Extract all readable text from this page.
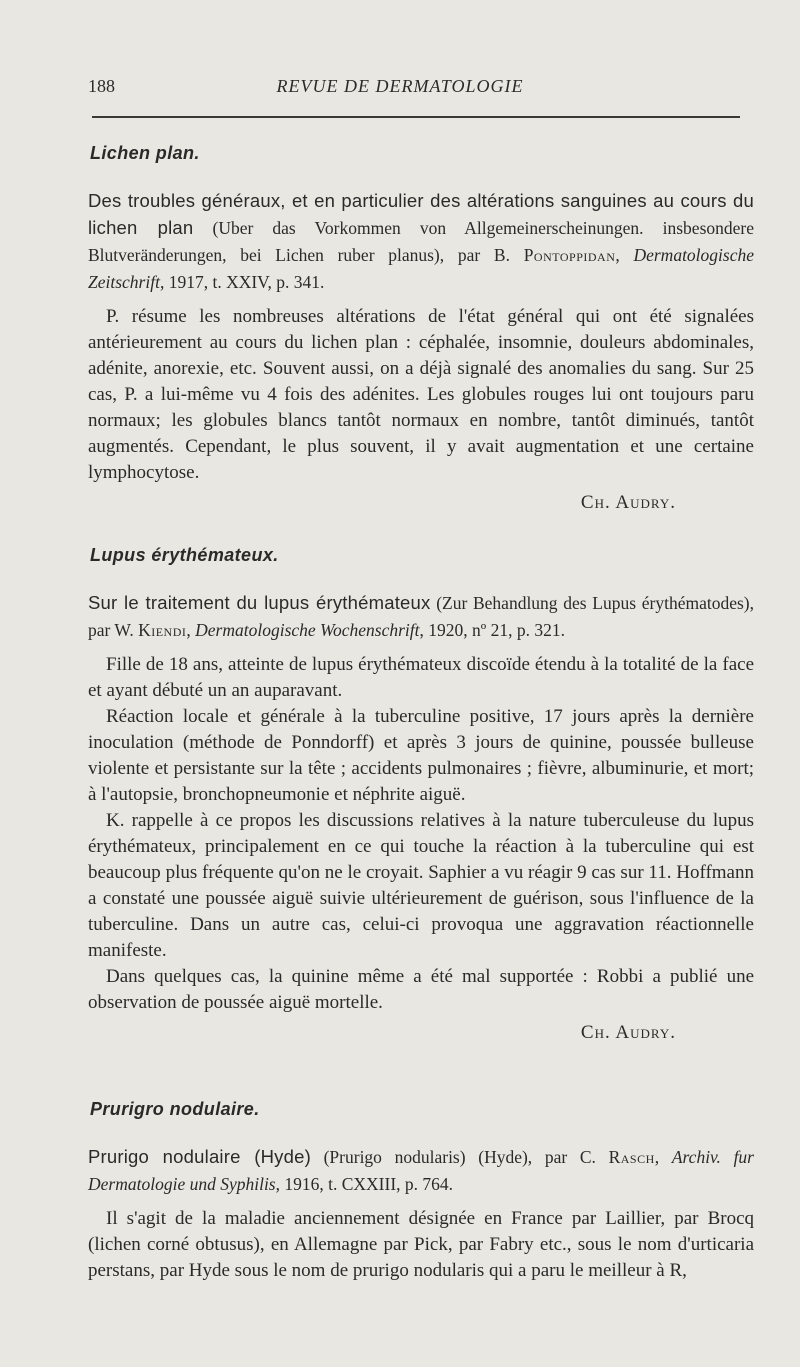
188	REVUE DE DERMATOLOGIE
Lichen plan.

Des troubles généraux, et en particulier des altérations sanguines au cours du lichen plan (Uber das Vorkommen von Allgemeinerscheinungen. insbesondere Blutveränderungen, bei Lichen ruber planus), par B. Pontoppidan, Dermatologische Zeitschrift, 1917, t. XXIV, p. 341.

P. résume les nombreuses altérations de l'état général qui ont été signalées antérieurement au cours du lichen plan : céphalée, insomnie, douleurs abdominales, adénite, anorexie, etc. Souvent aussi, on a déjà signalé des anomalies du sang. Sur 25 cas, P. a lui-même vu 4 fois des adénites. Les globules rouges lui ont toujours paru normaux; les globules blancs tantôt normaux en nombre, tantôt diminués, tantôt augmentés. Cependant, le plus souvent, il y avait augmentation et une certaine lymphocytose.

Ch. Audry.
Lupus érythémateux.

Sur le traitement du lupus érythémateux (Zur Behandlung des Lupus érythématodes), par W. Kiendi, Dermatologische Wochenschrift, 1920, nº 21, p. 321.

Fille de 18 ans, atteinte de lupus érythémateux discoïde étendu à la totalité de la face et ayant débuté un an auparavant.

Réaction locale et générale à la tuberculine positive, 17 jours après la dernière inoculation (méthode de Ponndorff) et après 3 jours de quinine, poussée bulleuse violente et persistante sur la tête ; accidents pulmonaires ; fièvre, albuminurie, et mort; à l'autopsie, bronchopneumonie et néphrite aiguë.

K. rappelle à ce propos les discussions relatives à la nature tuberculeuse du lupus érythémateux, principalement en ce qui touche la réaction à la tuberculine qui est beaucoup plus fréquente qu'on ne le croyait. Saphier a vu réagir 9 cas sur 11. Hoffmann a constaté une poussée aiguë suivie ultérieurement de guérison, sous l'influence de la tuberculine. Dans un autre cas, celui-ci provoqua une aggravation réactionnelle manifeste.

Dans quelques cas, la quinine même a été mal supportée : Robbi a publié une observation de poussée aiguë mortelle.

Ch. Audry.
Prurigro nodulaire.

Prurigo nodulaire (Hyde) (Prurigo nodularis) (Hyde), par C. Rasch, Archiv. fur Dermatologie und Syphilis, 1916, t. CXXIII, p. 764.

Il s'agit de la maladie anciennement désignée en France par Laillier, par Brocq (lichen corné obtusus), en Allemagne par Pick, par Fabry etc., sous le nom d'urticaria perstans, par Hyde sous le nom de prurigo nodularis qui a paru le meilleur à R,
